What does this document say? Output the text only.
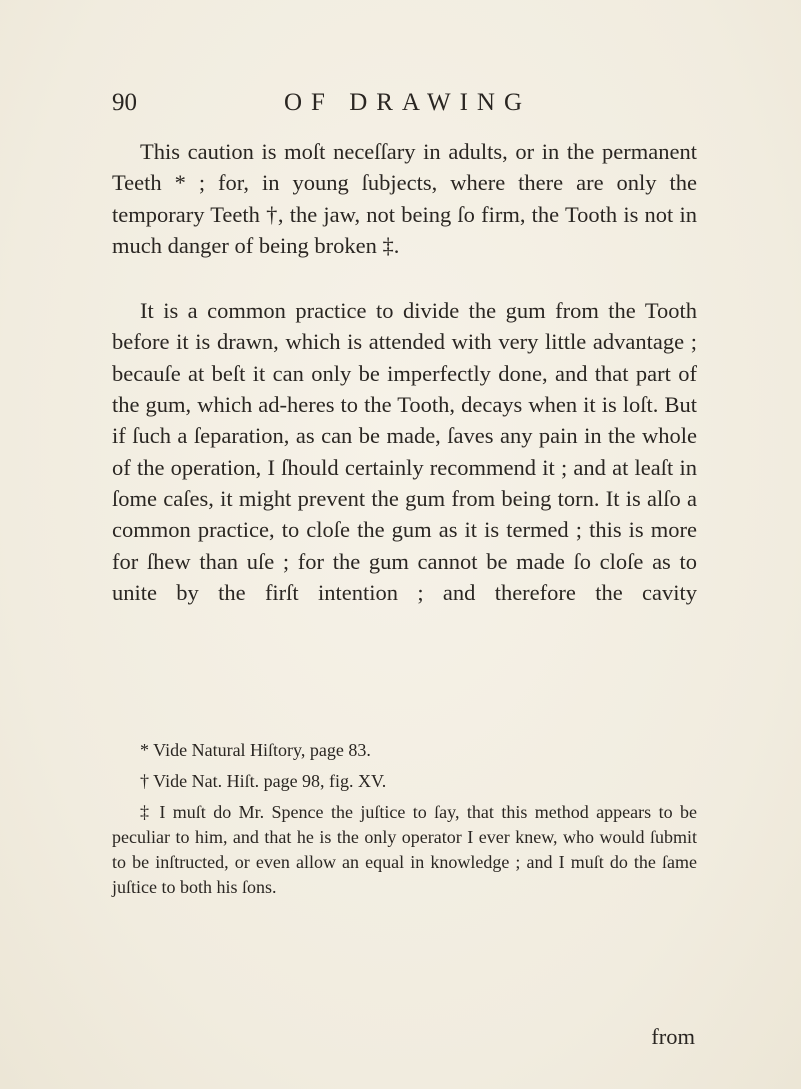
90	OF DRAWING

This caution is moſt neceſſary in adults, or in the permanent Teeth * ; for, in young ſubjects, where there are only the temporary Teeth †, the jaw, not being ſo firm, the Tooth is not in much danger of being broken ‡.

It is a common practice to divide the gum from the Tooth before it is drawn, which is attended with very little advantage ; becauſe at beſt it can only be imperfectly done, and that part of the gum, which ad-heres to the Tooth, decays when it is loſt. But if ſuch a ſeparation, as can be made, ſaves any pain in the whole of the operation, I ſhould certainly recommend it ; and at leaſt in ſome caſes, it might prevent the gum from being torn. It is alſo a common practice, to cloſe the gum as it is termed ; this is more for ſhew than uſe ; for the gum cannot be made ſo cloſe as to unite by the firſt intention ; and therefore the cavity

* Vide Natural Hiſtory, page 83.

† Vide Nat. Hiſt. page 98, fig. XV.

‡ I muſt do Mr. Spence the juſtice to ſay, that this method appears to be peculiar to him, and that he is the only operator I ever knew, who would ſubmit to be inſtructed, or even allow an equal in knowledge ; and I muſt do the ſame juſtice to both his ſons.

from
